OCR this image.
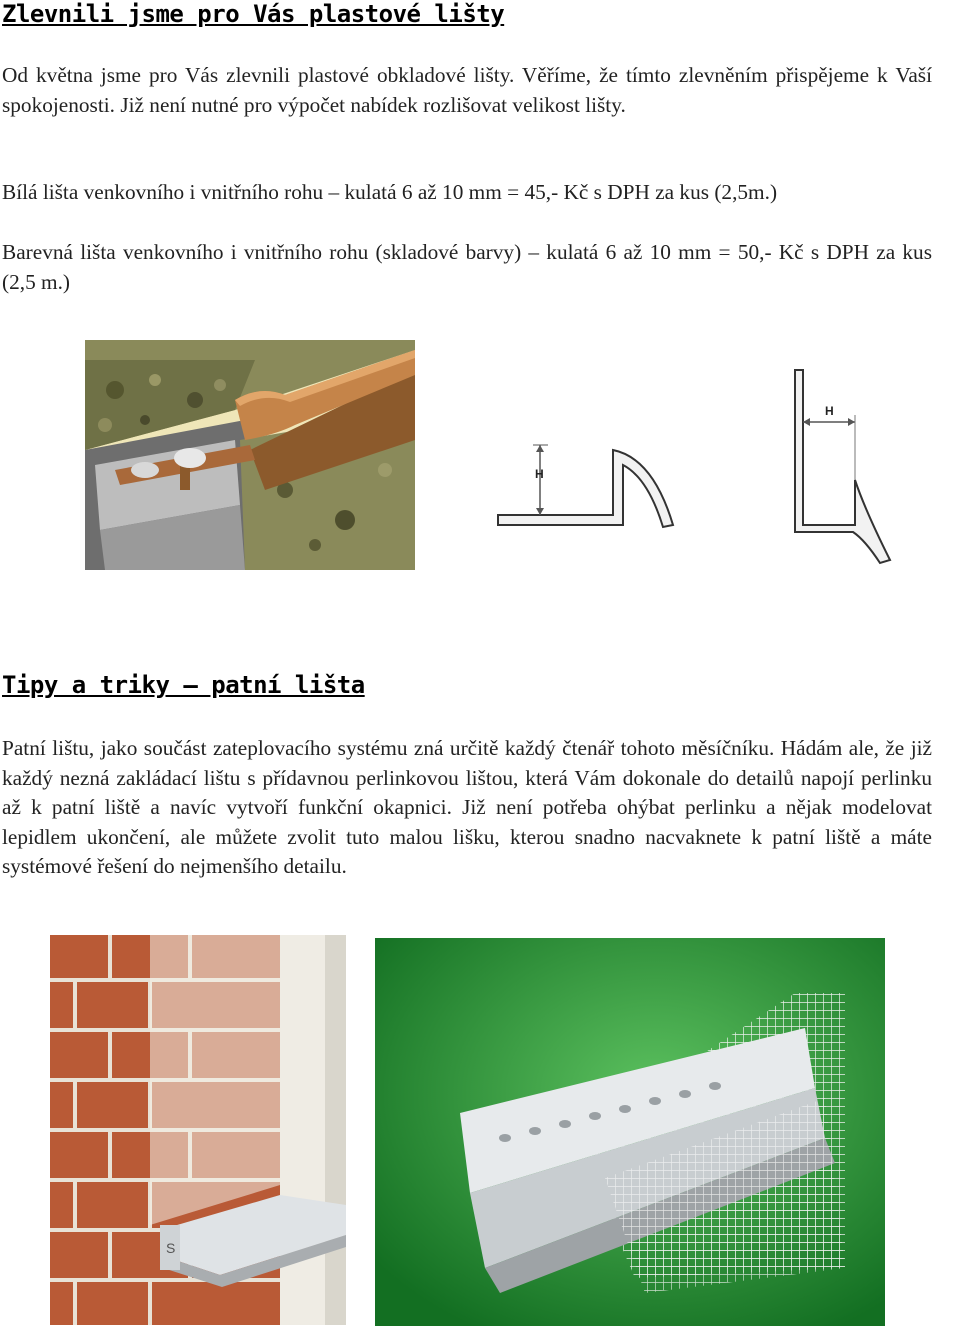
Zlevnili jsme pro Vás plastové lišty

Od května jsme pro Vás zlevnili plastové obkladové lišty. Věříme, že tímto zlevněním přispějeme k Vaší spokojenosti. Již není nutné pro výpočet nabídek rozlišovat velikost lišty.

Bílá lišta venkovního i vnitřního rohu – kulatá 6 až 10 mm = 45,- Kč s DPH za kus (2,5m.)

Barevná lišta venkovního i vnitřního rohu (skladové barvy) – kulatá 6 až 10 mm = 50,- Kč s DPH za kus (2,5 m.)

H
H
Tipy a triky – patní lišta

Patní lištu, jako součást zateplovacího systému zná určitě každý čtenář tohoto měsíčníku. Hádám ale, že již každý nezná zakládací lištu s přídavnou perlinkovou lištou, která Vám dokonale do detailů napojí perlinku až k patní liště a navíc vytvoří funkční okapnici. Již není potřeba ohýbat perlinku a nějak modelovat lepidlem ukončení, ale můžete zvolit tuto malou lišku, kterou snadno nacvaknete k patní liště a máte systémové řešení do nejmenšího detailu.

S
